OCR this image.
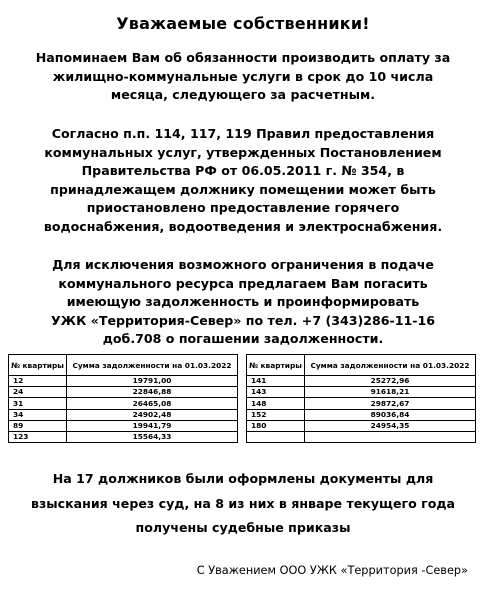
Уважаемые собственники!
Напоминаем Вам об обязанности производить оплату за
жилищно-коммунальные услуги в срок до 10 числа
месяца, следующего за расчетным.
Согласно п.п. 114, 117, 119 Правил предоставления
коммунальных услуг, утвержденных Постановлением
Правительства РФ от 06.05.2011 г. № 354, в
принадлежащем должнику помещении может быть
приостановлено предоставление горячего
водоснабжения, водоотведения и электроснабжения.
Для исключения возможного ограничения в подаче
коммунального ресурса предлагаем Вам погасить
имеющую задолженность и проинформировать
УЖК «Территория-Север» по тел. +7 (343)286-11-16
доб.708 о погашении задолженности.
№ квартиры	Сумма задолженности на 01.03.2022
12	19791,00
24	22846,88
31	26465,08
34	24902,48
89	19941,79
123	15564,33
№ квартиры	Сумма задолженности на 01.03.2022
141	25272,96
143	91618,21
148	29872,67
152	89036,84
180	24954,35

На 17 должников были оформлены документы для
взыскания через суд, на 8 из них в январе текущего года
получены судебные приказы
С Уважением ООО УЖК «Территория -Север»
